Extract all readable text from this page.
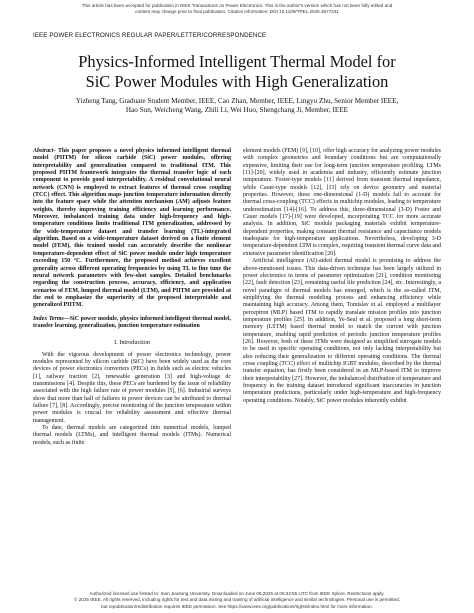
This article has been accepted for publication in IEEE Transactions on Power Electronics. This is the author's version which has not been fully edited and
content may change prior to final publication. Citation information: DOI 10.1109/TPEL.2025.3577241
IEEE POWER ELECTRONICS REGULAR PAPER/LETTER/CORRESPONDENCE
Physics-Informed Intelligent Thermal Model for
SiC Power Modules with High Generalization
Yizheng Tang, Graduate Student Member, IEEE, Cao Zhan, Member, IEEE, Lingyu Zhu, Senior Member IEEE,
Hao Sun, Weicheng Wang, Zhili Li, Wei Huo, Shengchang Ji, Member, IEEE

Abstract- This paper proposes a novel physics informed intelligent thermal model (PIITM) for silicon carbide (SiC) power modules, offering interpretability and generalization compared to traditional ITM. This proposed PIITM framework integrates the thermal transfer logic of each component to provide good interpretability. A residual convolutional neural network (CNN) is employed to extract features of thermal cross coupling (TCC) effect. This algorithm maps junction temperature information directly into the feature space while the attention mechanism (AM) adjusts feature weights, thereby improving training efficiency and learning performance. Moreover, imbalanced training data under high-frequency and high-temperature conditions limits traditional ITM generalization, addressed by the wide-temperature dataset and transfer learning (TL)-integrated algorithm. Based on a wide-temperature dataset derived on a finite element model (FEM), this trained model can accurately describe the nonlinear temperature-dependent effect of SiC power module under high temperature exceeding 150 °C. Furthermore, the proposed method achieves excellent generality across different operating frequencies by using TL to fine tune the neural network parameters with few-shot samples. Detailed benchmarks regarding the construction process, accuracy, efficiency, and application scenarios of FEM, lumped thermal model (LTM), and PIITM are provided at the end to emphasize the superiority of the proposed interpretable and generalized PIITM.

Index Terms—SiC power module, physics informed intelligent thermal model, transfer learning, generalization, junction temperature estimation

I. Introduction

With the vigorous development of power electronics technology, power modules represented by silicon carbide (SiC) have been widely used as the core devices of power electronics converters (PECs) in fields such as electric vehicles [1], railway traction [2], renewable generation [3] and high-voltage dc transmissions [4]. Despite this, these PECs are burdened by the issue of reliability associated with the high failure rate of power modules [5], [6]. Industrial surveys show that more than half of failures in power devices can be attributed to thermal failure [7], [8]. Accordingly, precise monitoring of the junction temperature within power modules is crucial for reliability assessment and effective thermal management.

To date, thermal models are categorized into numerical models, lumped thermal models (LTMs), and intelligent thermal models (ITMs). Numerical models, such as finite

element models (FEM) [9], [10], offer high accuracy for analyzing power modules with complex geometries and boundary conditions but are computationally expensive, limiting their use for long-term junction temperature profiling. LTMs [11]-[20], widely used in academia and industry, efficiently estimate junction temperature. Foster-type models [11] derived from transient thermal impedance, while Cauer-type models [12], [13] rely on device geometry and material properties. However, these one-dimensional (1-D) models fail to account for thermal cross-coupling (TCC) effects in multichip modules, leading to temperature underestimation [14]-[16]. To address this, three-dimensional (3-D) Foster and Cauer models [17]-[19] were developed, incorporating TCC for more accurate analysis. In addition, SiC module packaging materials exhibit temperature-dependent properties, making constant thermal resistance and capacitance models inadequate for high-temperature applications. Nevertheless, developing 3-D temperature-dependent LTM is complex, requiring transient thermal curve data and extensive parameter identification [20].

Artificial intelligence (AI)-aided thermal model is promising to address the above-mentioned issues. This data-driven technique has been largely utilized in power electronics in terms of parameter optimization [21], condition monitoring [22], fault detection [23], remaining useful life prediction [24], etc. Interestingly, a novel paradigm of thermal models has emerged, which is the so-called ITM, simplifying the thermal modeling process and enhancing efficiency while maintaining high accuracy. Among them, Tomislav et al. employed a multilayer perceptron (MLP) based ITM to rapidly translate mission profiles into junction temperature profiles [25]. In addition, Ye-Seul et al. proposed a long short-term memory (LSTM) based thermal model to match the current with junction temperature, enabling rapid prediction of periodic junction temperature profiles [26]. However, both of these ITMs were designed as simplified surrogate models to be used in specific operating conditions, not only lacking interpretability but also reducing their generalization to different operating conditions. The thermal cross coupling (TCC) effect of multichip IGBT modules, described by the thermal transfer equation, has firstly been considered in an MLP-based ITM to improve their interpretability [27]. However, the imbalanced distribution of temperature and frequency in the training dataset introduced significant inaccuracies in junction temperature predictions, particularly under high-temperature and high-frequency operating conditions. Notably, SiC power modules inherently exhibit

Authorized licensed use limited to: Xian Jiaotong University. Downloaded on June 08,2025 at 06:32:55 UTC from IEEE Xplore. Restrictions apply.
© 2025 IEEE. All rights reserved, including rights for text and data mining and training of artificial intelligence and similar technologies. Personal use is permitted,
but republication/redistribution requires IEEE permission. See https://www.ieee.org/publications/rights/index.html for more information.
